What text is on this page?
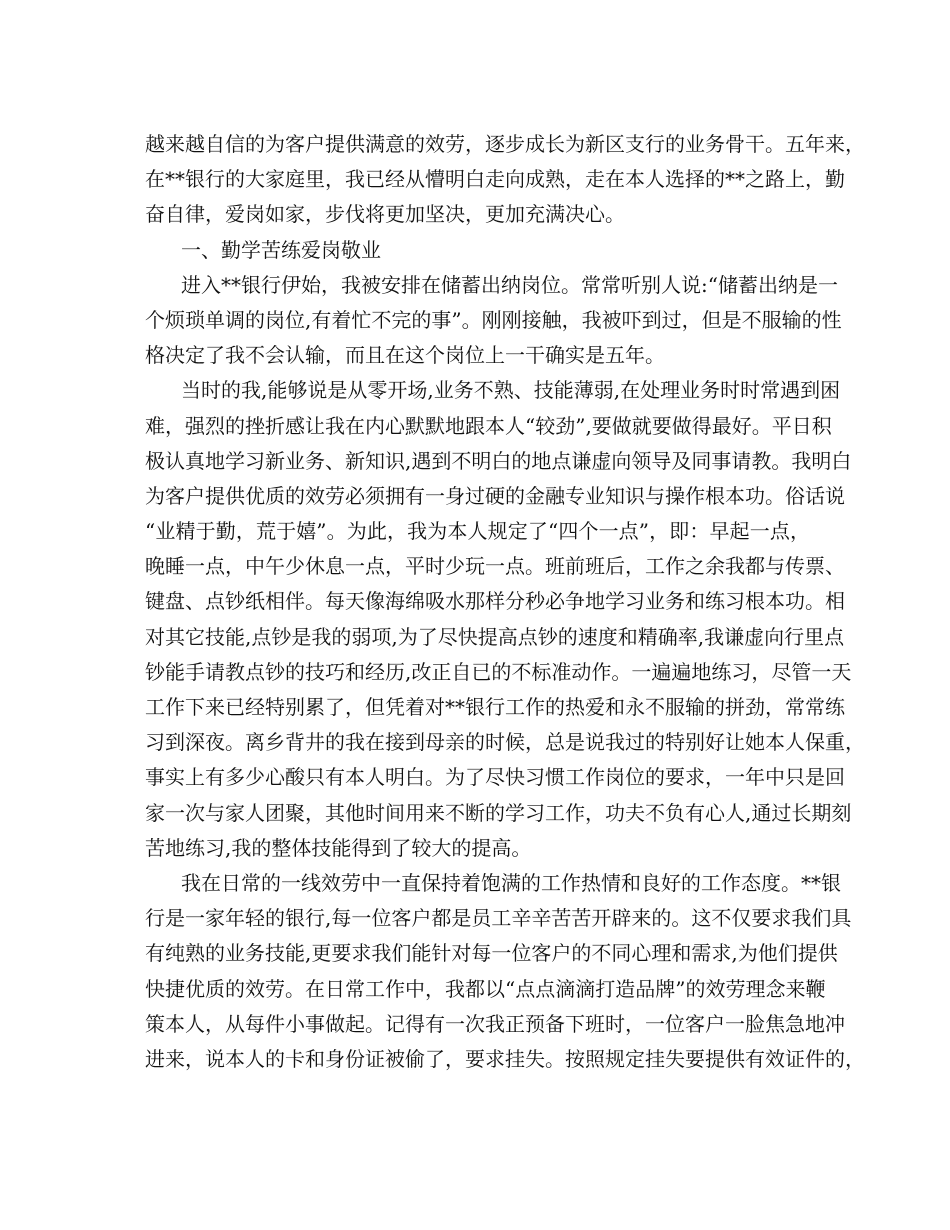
越来越自信的为客户提供满意的效劳，逐步成长为新区支行的业务骨干。五年来，
在**银行的大家庭里，我已经从懵明白走向成熟，走在本人选择的**之路上，勤
奋自律，爱岗如家，步伐将更加坚决，更加充满决心。
一、勤学苦练爱岗敬业
进入**银行伊始，我被安排在储蓄出纳岗位。常常听别人说:“储蓄出纳是一
个烦琐单调的岗位,有着忙不完的事”。刚刚接触，我被吓到过，但是不服输的性
格决定了我不会认输，而且在这个岗位上一干确实是五年。
当时的我,能够说是从零开场,业务不熟、技能薄弱,在处理业务时时常遇到困
难，强烈的挫折感让我在内心默默地跟本人“较劲”,要做就要做得最好。平日积
极认真地学习新业务、新知识,遇到不明白的地点谦虚向领导及同事请教。我明白
为客户提供优质的效劳必须拥有一身过硬的金融专业知识与操作根本功。俗话说
“业精于勤，荒于嬉”。为此，我为本人规定了“四个一点”，即：早起一点，
晚睡一点，中午少休息一点，平时少玩一点。班前班后，工作之余我都与传票、
键盘、点钞纸相伴。每天像海绵吸水那样分秒必争地学习业务和练习根本功。相
对其它技能,点钞是我的弱项,为了尽快提高点钞的速度和精确率,我谦虚向行里点
钞能手请教点钞的技巧和经历,改正自已的不标准动作。一遍遍地练习，尽管一天
工作下来已经特别累了，但凭着对**银行工作的热爱和永不服输的拼劲，常常练
习到深夜。离乡背井的我在接到母亲的时候，总是说我过的特别好让她本人保重，
事实上有多少心酸只有本人明白。为了尽快习惯工作岗位的要求，一年中只是回
家一次与家人团聚，其他时间用来不断的学习工作，功夫不负有心人,通过长期刻
苦地练习,我的整体技能得到了较大的提高。
我在日常的一线效劳中一直保持着饱满的工作热情和良好的工作态度。**银
行是一家年轻的银行,每一位客户都是员工辛辛苦苦开辟来的。这不仅要求我们具
有纯熟的业务技能,更要求我们能针对每一位客户的不同心理和需求,为他们提供
快捷优质的效劳。在日常工作中，我都以“点点滴滴打造品牌”的效劳理念来鞭
策本人，从每件小事做起。记得有一次我正预备下班时，一位客户一脸焦急地冲
进来，说本人的卡和身份证被偷了，要求挂失。按照规定挂失要提供有效证件的，
